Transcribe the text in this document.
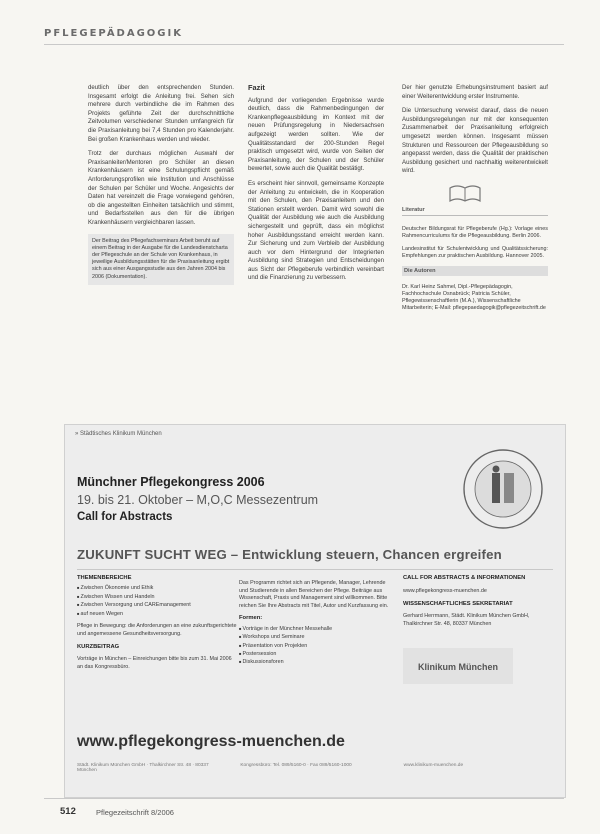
PFLEGEPÄDAGOGIK

deutlich über den entsprechenden Stunden. Insgesamt erfolgt die Anleitung frei. Sehen sich mehrere durch verbindliche die im Rahmen des Projekts geführte Zeit der durchschnittliche Zeitvolumen verschiedener Stunden umfangreich für die Praxisanleitung bei 7,4 Stunden pro Kalenderjahr. Bei großen Krankenhaus werden und wieder.

Trotz der durchaus möglichen Auswahl der Praxisanleiter/Mentoren pro Schüler an diesen Krankenhäusern ist eine Schulungspflicht gemäß Anforderungsprofilen wie Institution und Anschlüsse der Schulen per Schüler und Woche. Angesichts der Daten hat vereinzelt die Frage vorwiegend gehören, ob die angestellten Einheiten tatsächlich und stimmt, und Bedarfsstellen aus den für die übrigen Krankenhäusern vergleichbaren lassen.

Der Beitrag des Pflegefachseminars Arbeit beruht auf einem Beitrag in der Ausgabe für die Landesdienstcharta der Pflegeschule an der Schule von Krankenhaus, in jeweilige Ausbildungsstätten für die Praxisanleitung ergibt sich aus einer Ausgangsstudie aus den Jahren 2004 bis 2006 (Dokumentation).
Fazit

Aufgrund der vorliegenden Ergebnisse wurde deutlich, dass die Rahmenbedingungen der Krankenpflegeausbildung im Kontext mit der neuen Prüfungsregelung in Niedersachsen aufgezeigt werden sollten. Wie der Qualitätsstandard der 200-Stunden Regel praktisch umgesetzt wird, wurde von Seiten der Praxisanleitung, der Schulen und der Schüler bewertet, sowie auch die Qualität bestätigt.

Es erscheint hier sinnvoll, gemeinsame Konzepte der Anleitung zu entwickeln, die in Kooperation mit den Schulen, den Praxisanleitern und den Stationen erstellt werden. Damit wird sowohl die Qualität der Ausbildung wie auch die Ausbildung sichergestellt und geprüft, dass ein möglichst hoher Ausbildungsstand erreicht werden kann. Zur Sicherung und zum Verbleib der Ausbildung auch vor dem Hintergrund der Integrierten Ausbildung sind Strategien und Entscheidungen aus Sicht der Pflegeberufe verbindlich vereinbart und die Finanzierung zu verbessern.

Der hier genutzte Erhebungsinstrument basiert auf einer Weiterentwicklung erster Instrumente.

Die Untersuchung verweist darauf, dass die neuen Ausbildungsregelungen nur mit der konsequenten Zusammenarbeit der Praxisanleitung erfolgreich umgesetzt werden können. Insgesamt müssen Strukturen und Ressourcen der Pflegeausbildung so angepasst werden, dass die Qualität der praktischen Ausbildung gesichert und nachhaltig weiterentwickelt wird.

Literatur

Deutscher Bildungsrat für Pflegeberufe (Hg.): Vorlage eines Rahmencurriculums für die Pflegeausbildung. Berlin 2006.

Landesinstitut für Schulentwicklung und Qualitätssicherung: Empfehlungen zur praktischen Ausbildung. Hannover 2005.

Die Autoren
Dr. Karl Heinz Sahmel, Dipl.-Pflegepädagogin, Fachhochschule Osnabrück; Patricia Schüler, Pflegewissenschaftlerin (M.A.), Wissenschaftliche Mitarbeiterin; E-Mail: pflegepaedagogik@pflegezeitschrift.de
» Städtisches Klinikum München
Münchner Pflegekongress 2006
19. bis 21. Oktober – M,O,C Messezentrum
Call for Abstracts
ZUKUNFT SUCHT WEG – Entwicklung steuern, Chancen ergreifen
THEMENBEREICHE
■ Zwischen Ökonomie und Ethik
■ Zwischen Wissen und Handeln
■ Zwischen Versorgung und CAREmanagement
■ auf neuen Wegen

Pflege in Bewegung: die Anforderungen an eine zukunftsgerichtete und angemessene Gesundheitsversorgung.

KURZBEITRAG

Vorträge in München – Einreichungen bitte bis zum 31. Mai 2006 an das Kongressbüro.

Das Programm richtet sich an Pflegende, Manager, Lehrende und Studierende in allen Bereichen der Pflege. Beiträge aus Wissenschaft, Praxis und Management sind willkommen. Bitte reichen Sie Ihre Abstracts mit Titel, Autor und Kurzfassung ein.

Formen:
■ Vorträge in der Münchner Messehalle
■ Workshops und Seminare
■ Präsentation von Projekten
■ Postersession
■ Diskussionsforen
CALL FOR ABSTRACTS & INFORMATIONEN

www.pflegekongress-muenchen.de

WISSENSCHAFTLICHES SEKRETARIAT

Gerhard Herrmann, Städt. Klinikum München GmbH, Thalkirchner Str. 48, 80337 München

Klinikum München
www.pflegekongress-muenchen.de
Städt. Klinikum München GmbH · Thalkirchner Str. 48 · 80337 München
Kongressbüro: Tel. 089/5160-0 · Fax 089/5160-1000	www.klinikum-muenchen.de
512	Pflegezeitschrift 8/2006
